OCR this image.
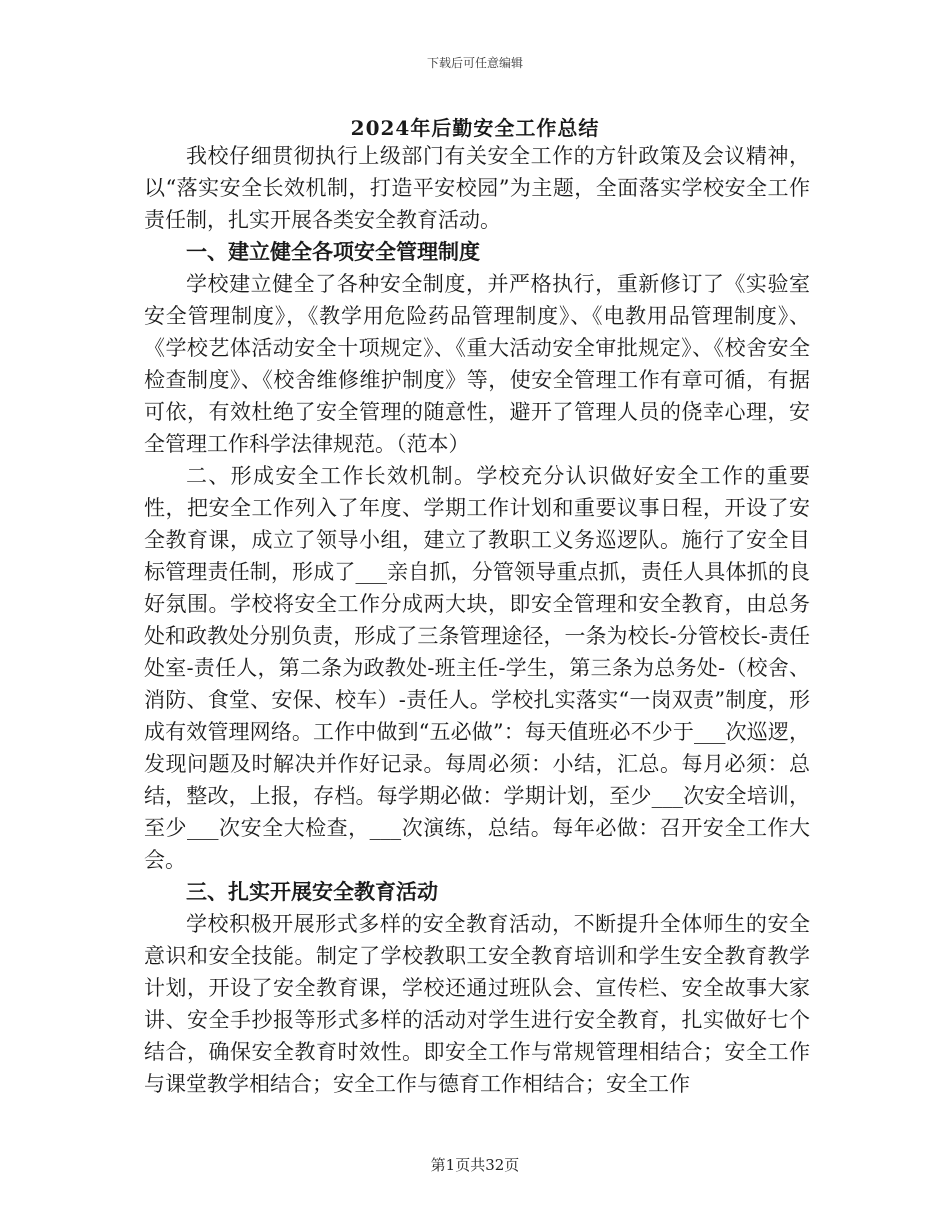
下载后可任意编辑
2024年后勤安全工作总结

我校仔细贯彻执行上级部门有关安全工作的方针政策及会议精神，以“落实安全长效机制，打造平安校园”为主题，全面落实学校安全工作责任制，扎实开展各类安全教育活动。

一、建立健全各项安全管理制度

学校建立健全了各种安全制度，并严格执行，重新修订了《实验室安全管理制度》，《教学用危险药品管理制度》、《电教用品管理制度》、《学校艺体活动安全十项规定》、《重大活动安全审批规定》、《校舍安全检查制度》、《校舍维修维护制度》等，使安全管理工作有章可循，有据可依，有效杜绝了安全管理的随意性，避开了管理人员的侥幸心理，安全管理工作科学法律规范。（范本）

二、形成安全工作长效机制。学校充分认识做好安全工作的重要性，把安全工作列入了年度、学期工作计划和重要议事日程，开设了安全教育课，成立了领导小组，建立了教职工义务巡逻队。施行了安全目标管理责任制，形成了___亲自抓，分管领导重点抓，责任人具体抓的良好氛围。学校将安全工作分成两大块，即安全管理和安全教育，由总务处和政教处分别负责，形成了三条管理途径，一条为校长-分管校长-责任处室-责任人，第二条为政教处-班主任-学生，第三条为总务处-（校舍、消防、食堂、安保、校车）-责任人。学校扎实落实“一岗双责”制度，形成有效管理网络。工作中做到“五必做”：每天值班必不少于___次巡逻，发现问题及时解决并作好记录。每周必须：小结，汇总。每月必须：总结，整改，上报，存档。每学期必做：学期计划，至少___次安全培训，至少___次安全大检查，___次演练，总结。每年必做：召开安全工作大会。

三、扎实开展安全教育活动

学校积极开展形式多样的安全教育活动，不断提升全体师生的安全意识和安全技能。制定了学校教职工安全教育培训和学生安全教育教学计划，开设了安全教育课，学校还通过班队会、宣传栏、安全故事大家讲、安全手抄报等形式多样的活动对学生进行安全教育，扎实做好七个结合，确保安全教育时效性。即安全工作与常规管理相结合；安全工作与课堂教学相结合；安全工作与德育工作相结合；安全工作

第1页共32页
